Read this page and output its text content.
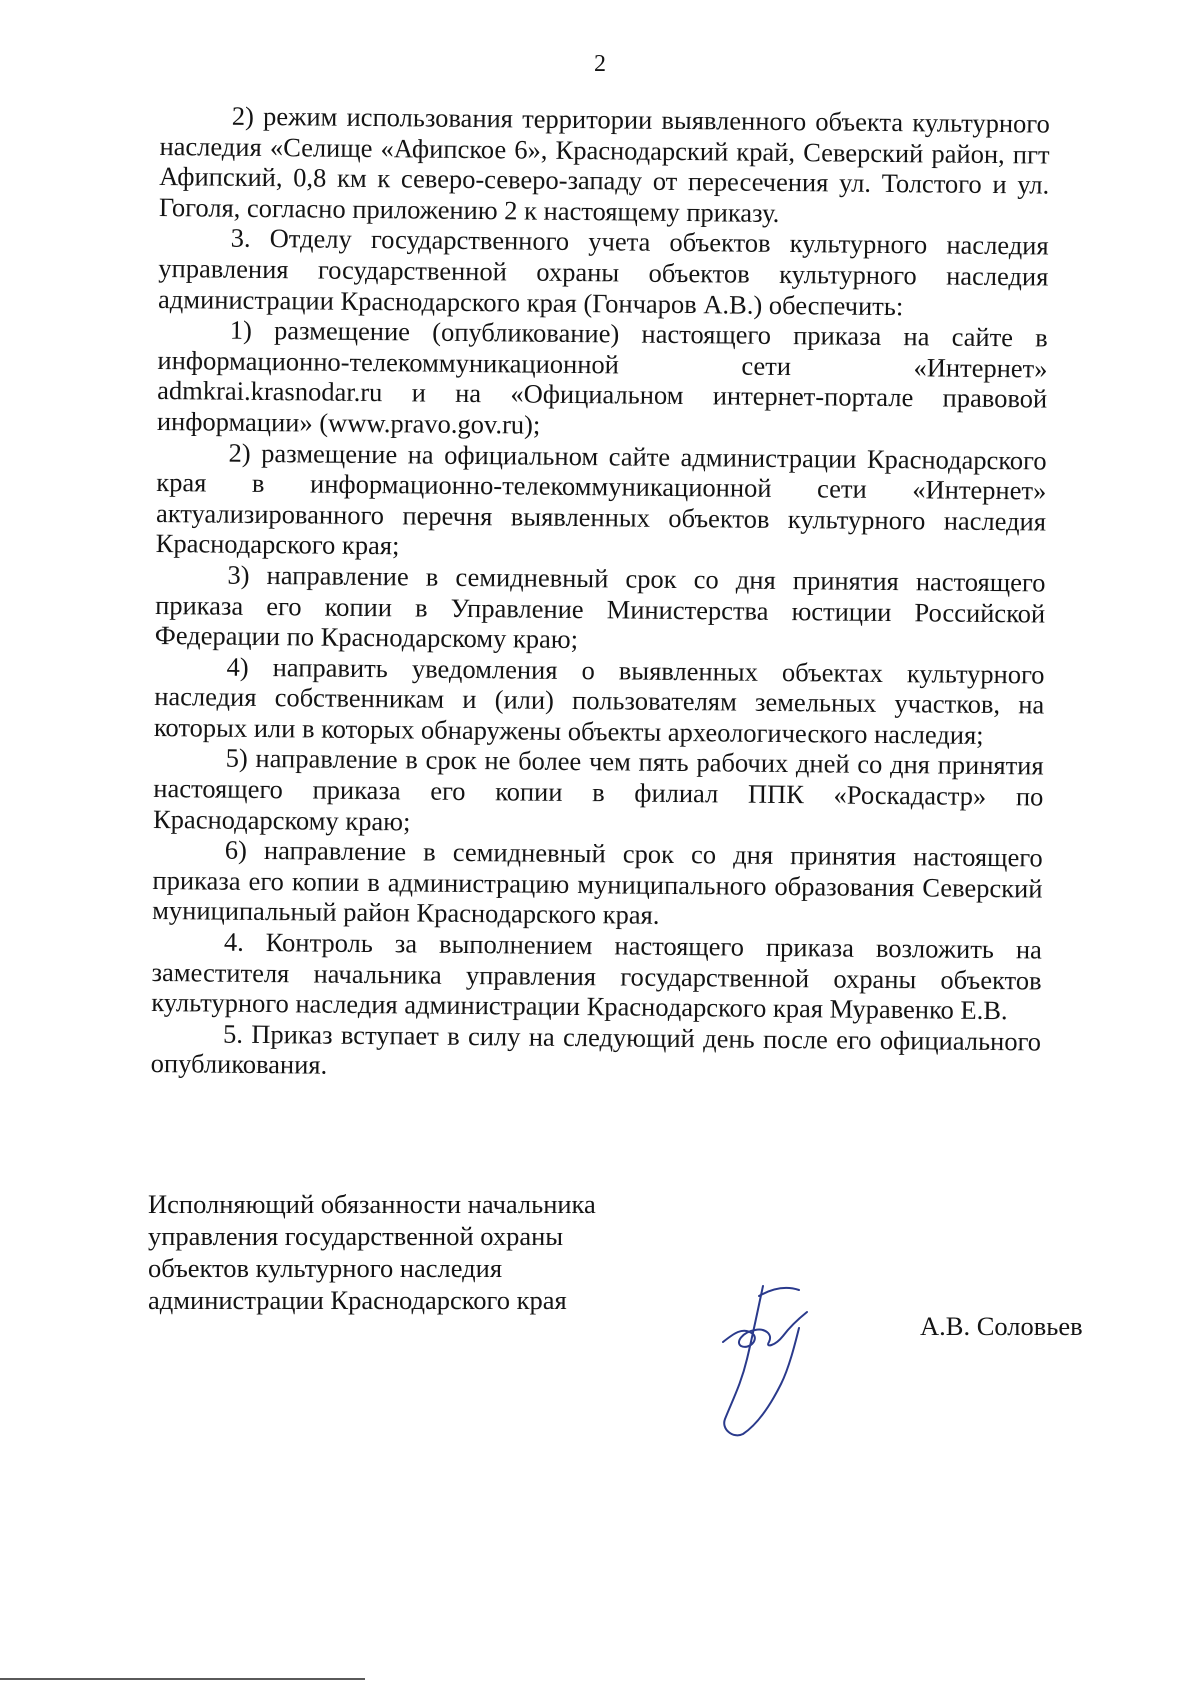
2

2) режим использования территории выявленного объекта культурного наследия «Селище «Афипское 6», Краснодарский край, Северский район, пгт Афипский, 0,8 км к северо-северо-западу от пересечения ул. Толстого и ул. Гоголя, согласно приложению 2 к настоящему приказу.

3. Отделу государственного учета объектов культурного наследия управления государственной охраны объектов культурного наследия администрации Краснодарского края (Гончаров А.В.) обеспечить:

1) размещение (опубликование) настоящего приказа на сайте в информационно-телекоммуникационной сети «Интернет» admkrai.krasnodar.ru и на «Официальном интернет-портале правовой информации» (www.pravo.gov.ru);

2) размещение на официальном сайте администрации Краснодарского края в информационно-телекоммуникационной сети «Интернет» актуализированного перечня выявленных объектов культурного наследия Краснодарского края;

3) направление в семидневный срок со дня принятия настоящего приказа его копии в Управление Министерства юстиции Российской Федерации по Краснодарскому краю;

4) направить уведомления о выявленных объектах культурного наследия собственникам и (или) пользователям земельных участков, на которых или в которых обнаружены объекты археологического наследия;

5) направление в срок не более чем пять рабочих дней со дня принятия настоящего приказа его копии в филиал ППК «Роскадастр» по Краснодарскому краю;

6) направление в семидневный срок со дня принятия настоящего приказа его копии в администрацию муниципального образования Северский муниципальный район Краснодарского края.

4. Контроль за выполнением настоящего приказа возложить на заместителя начальника управления государственной охраны объектов культурного наследия администрации Краснодарского края Муравенко Е.В.

5. Приказ вступает в силу на следующий день после его официального опубликования.

Исполняющий обязанности начальника
управления государственной охраны
объектов культурного наследия
администрации Краснодарского края
А.В. Соловьев
